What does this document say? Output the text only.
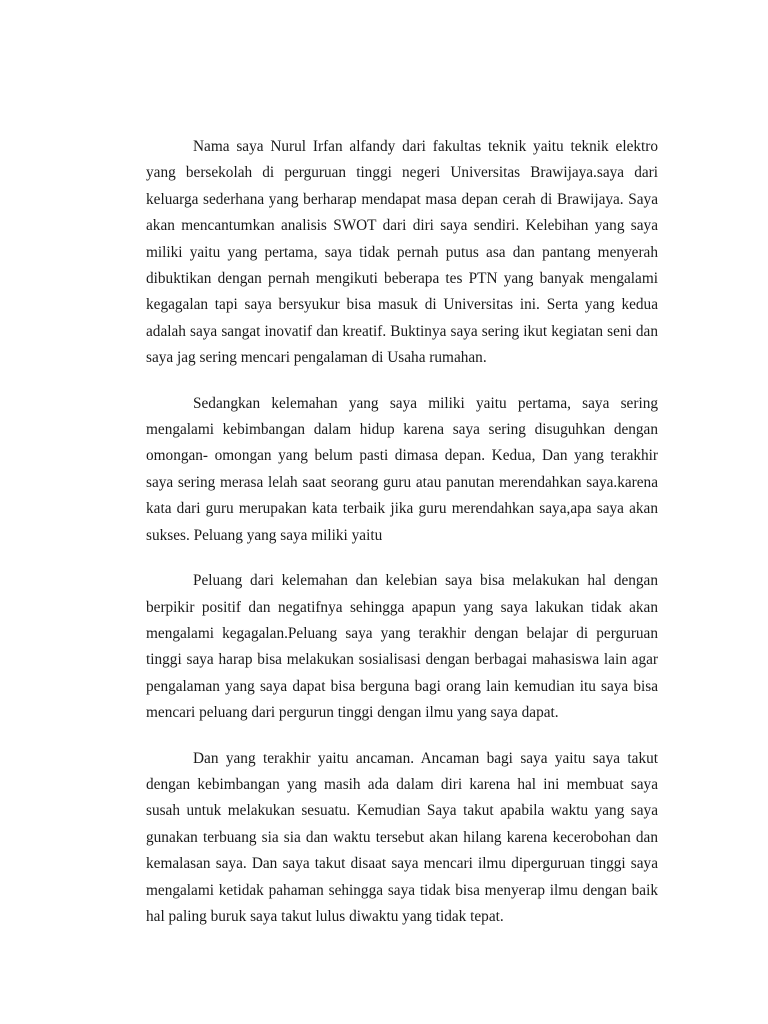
Nama saya Nurul Irfan alfandy dari fakultas teknik yaitu teknik elektro yang bersekolah di perguruan tinggi negeri Universitas Brawijaya.saya dari keluarga sederhana yang berharap mendapat masa depan cerah di Brawijaya. Saya akan mencantumkan analisis SWOT dari diri saya sendiri. Kelebihan yang saya miliki yaitu yang pertama, saya tidak pernah putus asa dan pantang menyerah dibuktikan dengan pernah mengikuti beberapa tes PTN yang banyak mengalami kegagalan tapi saya bersyukur bisa masuk di Universitas ini. Serta yang kedua adalah saya sangat inovatif dan kreatif. Buktinya saya sering ikut kegiatan seni dan saya jag sering mencari pengalaman di Usaha rumahan.

Sedangkan kelemahan yang saya miliki yaitu pertama, saya sering mengalami kebimbangan dalam hidup karena saya sering disuguhkan dengan omongan- omongan yang belum pasti dimasa depan. Kedua, Dan yang terakhir saya sering merasa lelah saat seorang guru atau panutan merendahkan saya.karena kata dari guru merupakan kata terbaik jika guru merendahkan saya,apa saya akan sukses. Peluang yang saya miliki yaitu

Peluang dari kelemahan dan kelebian saya bisa melakukan hal dengan berpikir positif dan negatifnya sehingga apapun yang saya lakukan tidak akan mengalami kegagalan.Peluang saya yang terakhir dengan belajar di perguruan tinggi saya harap bisa melakukan sosialisasi dengan berbagai mahasiswa lain agar pengalaman yang saya dapat bisa berguna bagi orang lain kemudian itu saya bisa mencari peluang dari pergurun tinggi dengan ilmu yang saya dapat.

Dan yang terakhir yaitu ancaman. Ancaman bagi saya yaitu saya takut dengan kebimbangan yang masih ada dalam diri karena hal ini membuat saya susah untuk melakukan sesuatu. Kemudian Saya takut apabila waktu yang saya gunakan terbuang sia sia dan waktu tersebut akan hilang karena kecerobohan dan kemalasan saya. Dan saya takut disaat saya mencari ilmu diperguruan tinggi saya mengalami ketidak pahaman sehingga saya tidak bisa menyerap ilmu dengan baik hal paling buruk saya takut lulus diwaktu yang tidak tepat.
